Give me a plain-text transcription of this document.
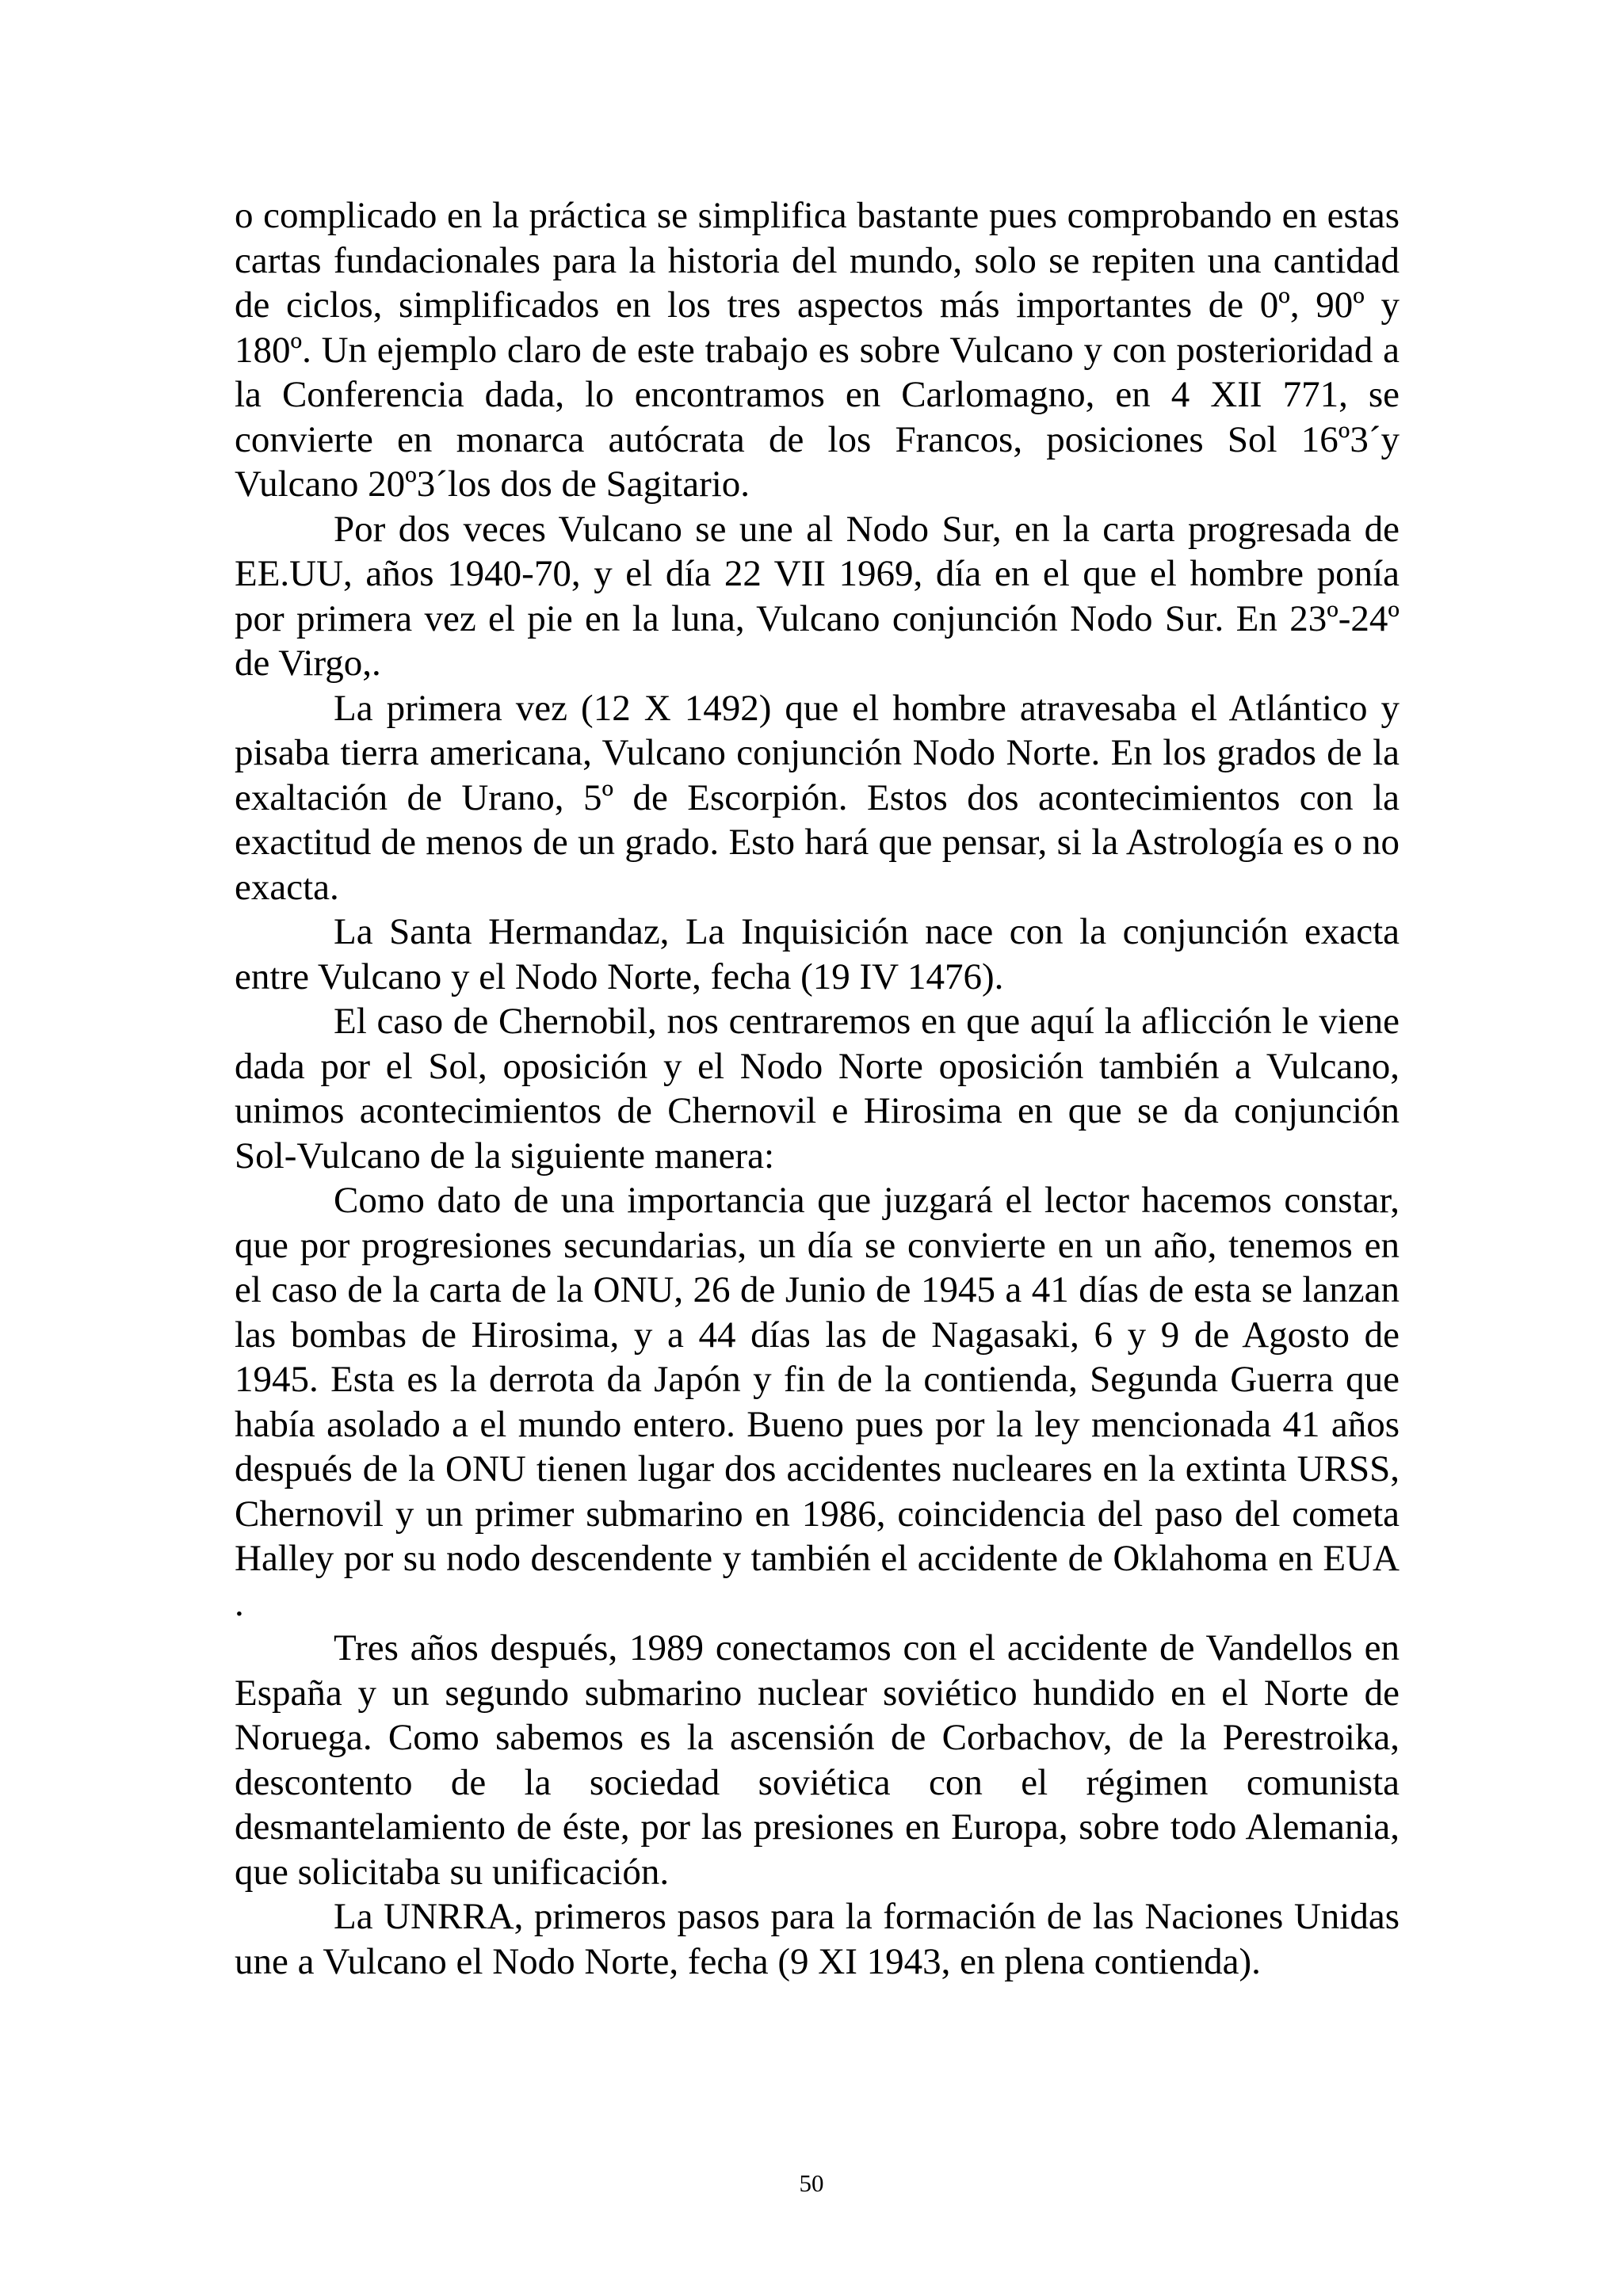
o complicado en la práctica se simplifica bastante pues comprobando en estas cartas fundacionales para la historia del mundo, solo se repiten una cantidad de ciclos, simplificados en los tres aspectos más importantes de 0º, 90º y 180º. Un ejemplo claro de este trabajo es sobre Vulcano y con posterioridad a la Conferencia dada, lo encontramos en Carlomagno, en 4 XII 771, se convierte en monarca autócrata de los Francos, posiciones Sol 16º3´y Vulcano 20º3´los dos de Sagitario.

Por dos veces Vulcano se une al Nodo Sur, en la carta progresada de EE.UU, años 1940-70, y el día 22 VII 1969, día en el que el hombre ponía por primera vez el pie en la luna, Vulcano conjunción Nodo Sur. En 23º-24º de Virgo,.

La primera vez (12 X 1492) que el hombre atravesaba el Atlántico y pisaba tierra americana, Vulcano conjunción Nodo Norte. En los grados de la exaltación de Urano, 5º de Escorpión. Estos dos acontecimientos con la exactitud de menos de un grado. Esto hará que pensar, si la Astrología es o no exacta.

La Santa Hermandaz, La Inquisición nace con la conjunción exacta entre Vulcano y el Nodo Norte, fecha (19 IV 1476).

El caso de Chernobil, nos centraremos en que aquí la aflicción le viene dada por el Sol, oposición y el Nodo Norte oposición también a Vulcano, unimos acontecimientos de Chernovil e Hirosima en que se da conjunción Sol-Vulcano de la siguiente manera:

Como dato de una importancia que juzgará el lector hacemos constar, que por progresiones secundarias, un día se convierte en un año, tenemos en el caso de la carta de la ONU, 26 de Junio de 1945 a 41 días de esta se lanzan las bombas de Hirosima, y a 44 días las de Nagasaki, 6 y 9 de Agosto de 1945. Esta es la derrota da Japón y fin de la contienda, Segunda Guerra que había asolado a el mundo entero. Bueno pues por la ley mencionada 41 años después de la ONU tienen lugar dos accidentes nucleares en la extinta URSS, Chernovil y un primer submarino en 1986, coincidencia del paso del cometa Halley por su nodo descendente y también el accidente de Oklahoma en EUA .

Tres años después, 1989 conectamos con el accidente de Vandellos en España y un segundo submarino nuclear soviético hundido en el Norte de Noruega. Como sabemos es la ascensión de Corbachov, de la Perestroika, descontento de la sociedad soviética con el régimen comunista desmantelamiento de éste, por las presiones en Europa, sobre todo Alemania, que solicitaba su unificación.

La UNRRA, primeros pasos para la formación de las Naciones Unidas une a Vulcano el Nodo Norte, fecha (9 XI 1943, en plena contienda).

50
